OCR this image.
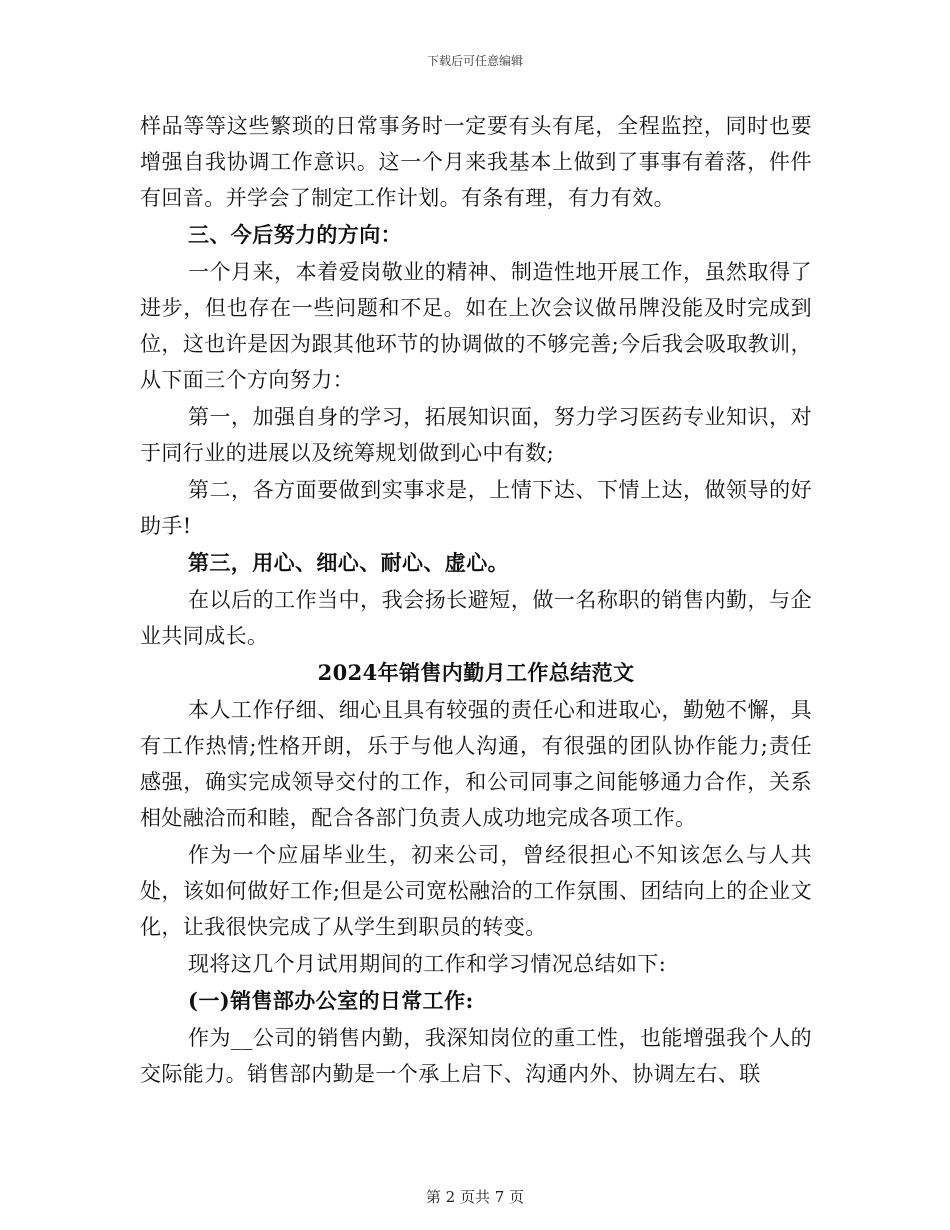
下载后可任意编辑

样品等等这些繁琐的日常事务时一定要有头有尾，全程监控，同时也要增强自我协调工作意识。这一个月来我基本上做到了事事有着落，件件有回音。并学会了制定工作计划。有条有理，有力有效。

三、今后努力的方向：

一个月来，本着爱岗敬业的精神、制造性地开展工作，虽然取得了进步，但也存在一些问题和不足。如在上次会议做吊牌没能及时完成到位，这也许是因为跟其他环节的协调做的不够完善;今后我会吸取教训，从下面三个方向努力：

第一，加强自身的学习，拓展知识面，努力学习医药专业知识，对于同行业的进展以及统筹规划做到心中有数;

第二，各方面要做到实事求是，上情下达、下情上达，做领导的好助手!

第三，用心、细心、耐心、虚心。

在以后的工作当中，我会扬长避短，做一名称职的销售内勤，与企业共同成长。

2024年销售内勤月工作总结范文

本人工作仔细、细心且具有较强的责任心和进取心，勤勉不懈，具有工作热情;性格开朗，乐于与他人沟通，有很强的团队协作能力;责任感强，确实完成领导交付的工作，和公司同事之间能够通力合作，关系相处融洽而和睦，配合各部门负责人成功地完成各项工作。

作为一个应届毕业生，初来公司，曾经很担心不知该怎么与人共处，该如何做好工作;但是公司宽松融洽的工作氛围、团结向上的企业文化，让我很快完成了从学生到职员的转变。

现将这几个月试用期间的工作和学习情况总结如下:

(一)销售部办公室的日常工作:

作为__公司的销售内勤，我深知岗位的重工性，也能增强我个人的交际能力。销售部内勤是一个承上启下、沟通内外、协调左右、联

第 2 页共 7 页
